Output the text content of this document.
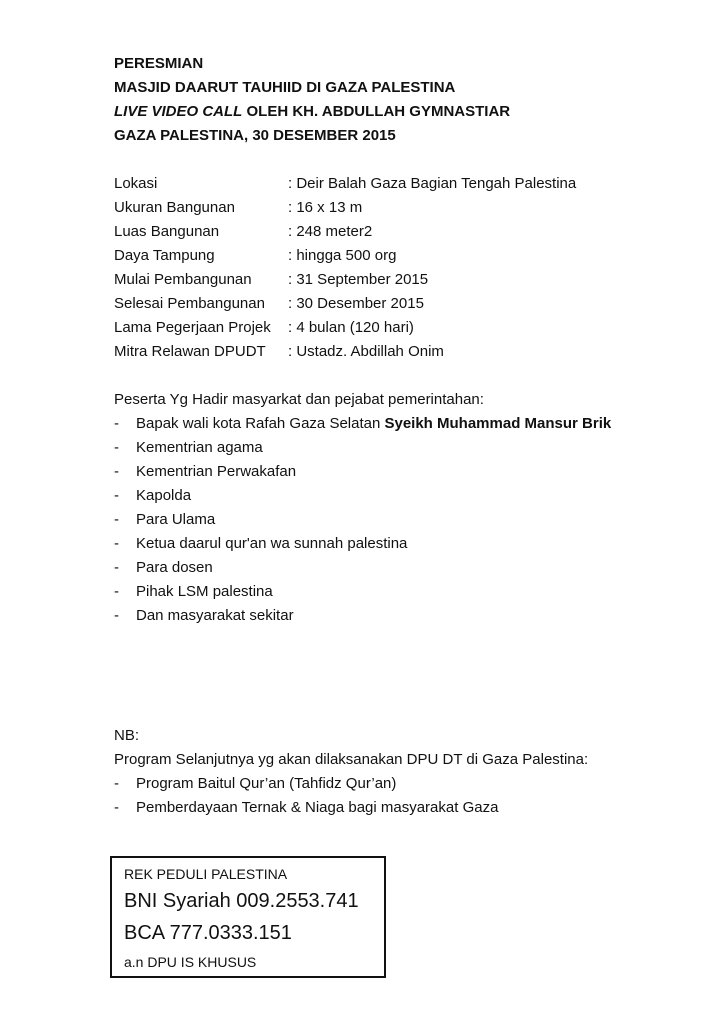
PERESMIAN
MASJID DAARUT TAUHIID DI GAZA PALESTINA
LIVE VIDEO CALL OLEH KH. ABDULLAH GYMNASTIAR
GAZA PALESTINA, 30 DESEMBER 2015
Lokasi	: Deir Balah Gaza Bagian Tengah Palestina
Ukuran Bangunan	: 16 x 13 m
Luas Bangunan	: 248 meter2
Daya Tampung	: hingga 500 org
Mulai Pembangunan	: 31 September 2015
Selesai Pembangunan	: 30 Desember 2015
Lama Pegerjaan Projek	: 4 bulan (120 hari)
Mitra Relawan DPUDT	: Ustadz. Abdillah Onim
Peserta Yg Hadir masyarkat dan pejabat pemerintahan:
-	Bapak wali kota Rafah Gaza Selatan Syeikh Muhammad Mansur Brik
-	Kementrian agama
-	Kementrian Perwakafan
-	Kapolda
-	Para Ulama
-	Ketua daarul qur'an wa sunnah palestina
-	Para dosen
-	Pihak LSM palestina
-	Dan masyarakat sekitar
NB:
Program Selanjutnya yg akan dilaksanakan DPU DT di Gaza Palestina:
-	Program Baitul Qur’an (Tahfidz Qur’an)
-	Pemberdayaan Ternak & Niaga bagi masyarakat Gaza
REK PEDULI PALESTINA
BNI Syariah 009.2553.741
BCA 777.0333.151
a.n DPU IS KHUSUS
